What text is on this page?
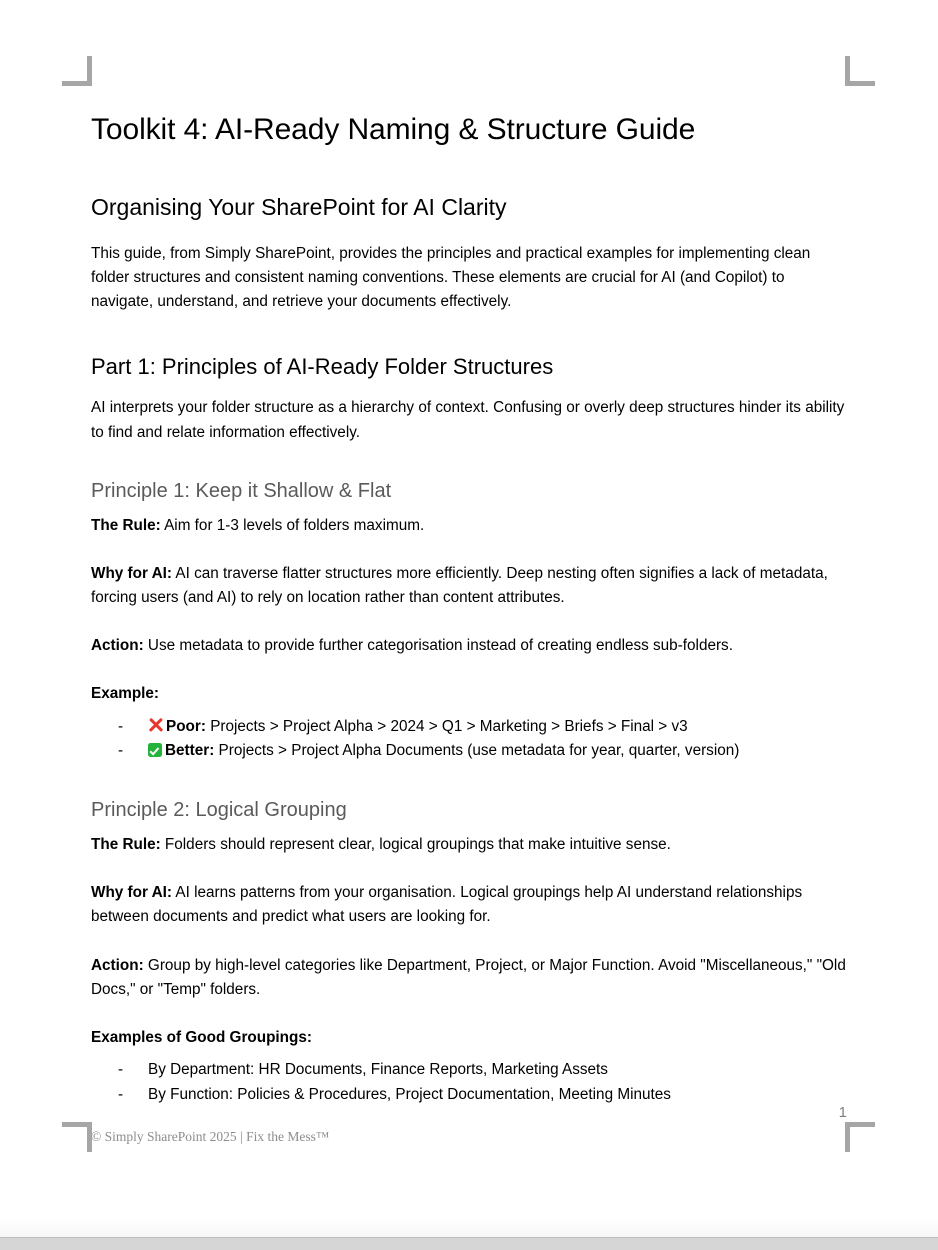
Toolkit 4: AI-Ready Naming & Structure Guide
Organising Your SharePoint for AI Clarity

This guide, from Simply SharePoint, provides the principles and practical examples for implementing clean folder structures and consistent naming conventions. These elements are crucial for AI (and Copilot) to navigate, understand, and retrieve your documents effectively.

Part 1: Principles of AI-Ready Folder Structures

AI interprets your folder structure as a hierarchy of context. Confusing or overly deep structures hinder its ability to find and relate information effectively.

Principle 1: Keep it Shallow & Flat

The Rule: Aim for 1-3 levels of folders maximum.

Why for AI: AI can traverse flatter structures more efficiently. Deep nesting often signifies a lack of metadata, forcing users (and AI) to rely on location rather than content attributes.

Action: Use metadata to provide further categorisation instead of creating endless sub-folders.

Example:

-	Poor: Projects > Project Alpha > 2024 > Q1 > Marketing > Briefs > Final > v3
-	Better: Projects > Project Alpha Documents (use metadata for year, quarter, version)
Principle 2: Logical Grouping

The Rule: Folders should represent clear, logical groupings that make intuitive sense.

Why for AI: AI learns patterns from your organisation. Logical groupings help AI understand relationships between documents and predict what users are looking for.

Action: Group by high-level categories like Department, Project, or Major Function. Avoid "Miscellaneous," "Old Docs," or "Temp" folders.

Examples of Good Groupings:

- By Department: HR Documents, Finance Reports, Marketing Assets
- By Function: Policies & Procedures, Project Documentation, Meeting Minutes
1
© Simply SharePoint 2025 | Fix the Mess™
